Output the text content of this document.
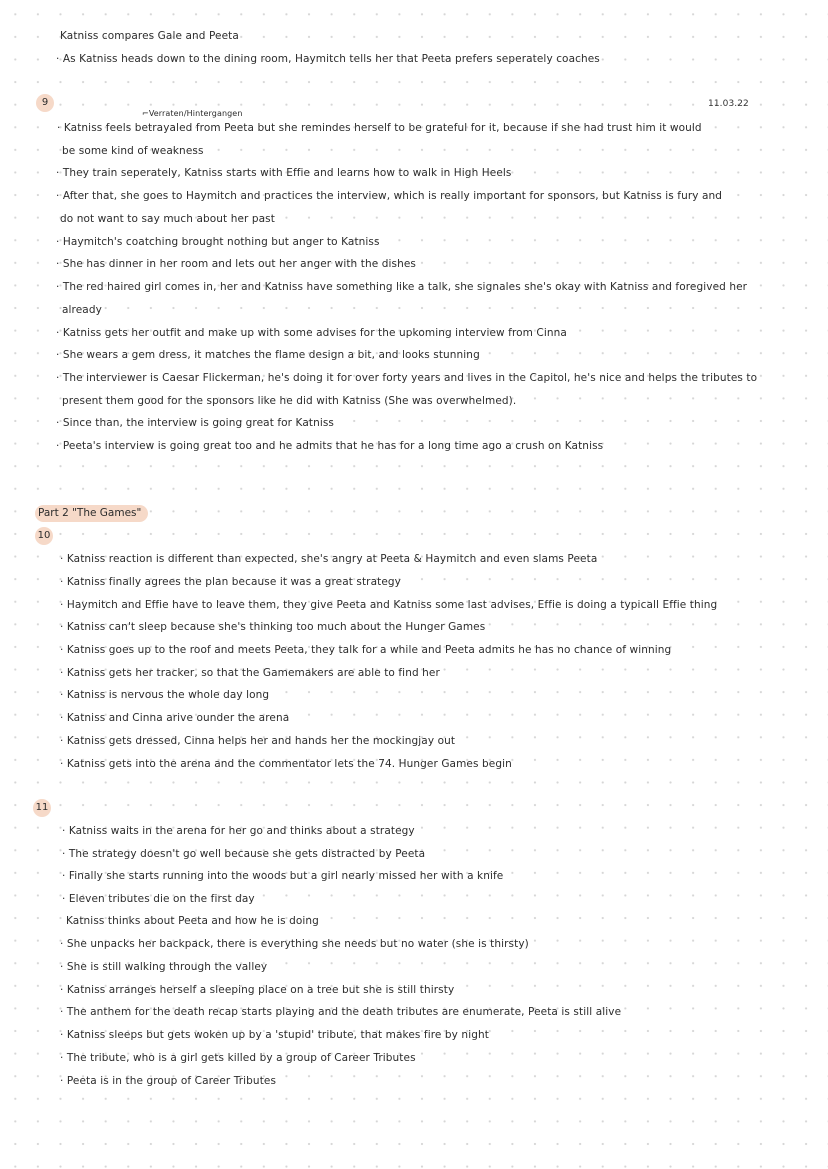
Katniss compares Gale and Peeta
· As Katniss heads down to the dining room, Haymitch tells her that Peeta prefers seperately coaches
9
⌐Verraten/Hintergangen
11.03.22
· Katniss feels betrayaled from Peeta but she remindes herself to be grateful for it, because if she had trust him it would
be some kind of weakness
· They train seperately, Katniss starts with Effie and learns how to walk in High Heels
· After that, she goes to Haymitch and practices the interview, which is really important for sponsors, but Katniss is fury and
do not want to say much about her past
· Haymitch's coatching brought nothing but anger to Katniss
· She has dinner in her room and lets out her anger with the dishes
· The red haired girl comes in, her and Katniss have something like a talk, she signales she's okay with Katniss and foregived her
already
· Katniss gets her outfit and make up with some advises for the upkoming interview from Cinna
· She wears a gem dress, it matches the flame design a bit, and looks stunning
· The interviewer is Caesar Flickerman, he's doing it for over forty years and lives in the Capitol, he's nice and helps the tributes to
present them good for the sponsors like he did with Katniss (She was overwhelmed).
· Since than, the interview is going great for Katniss
· Peeta's interview is going great too and he admits that he has for a long time ago a crush on Katniss
Part 2 "The Games"
10
· Katniss reaction is different than expected, she's angry at Peeta & Haymitch and even slams Peeta
· Katniss finally agrees the plan because it was a great strategy
· Haymitch and Effie have to leave them, they give Peeta and Katniss some last advises, Effie is doing a typicall Effie thing
· Katniss can't sleep because she's thinking too much about the Hunger Games
· Katniss goes up to the roof and meets Peeta, they talk for a while and Peeta admits he has no chance of winning
· Katniss gets her tracker, so that the Gamemakers are able to find her
· Katniss is nervous the whole day long
· Katniss and Cinna arive ounder the arena
· Katniss gets dressed, Cinna helps her and hands her the mockingjay out
· Katniss gets into the arena and the commentator lets the 74. Hunger Games begin
11
· Katniss waits in the arena for her go and thinks about a strategy
· The strategy doesn't go well because she gets distracted by Peeta
· Finally she starts running into the woods but a girl nearly missed her with a knife
· Eleven tributes die on the first day
Katniss thinks about Peeta and how he is doing
· She unpacks her backpack, there is everything she needs but no water (she is thirsty)
· She is still walking through the valley
· Katniss arranges herself a sleeping place on a tree but she is still thirsty
· The anthem for the death recap starts playing and the death tributes are enumerate, Peeta is still alive
· Katniss sleeps but gets woken up by a 'stupid' tribute, that makes fire by night
· The tribute, who is a girl gets killed by a group of Career Tributes
· Peeta is in the group of Career Tributes
